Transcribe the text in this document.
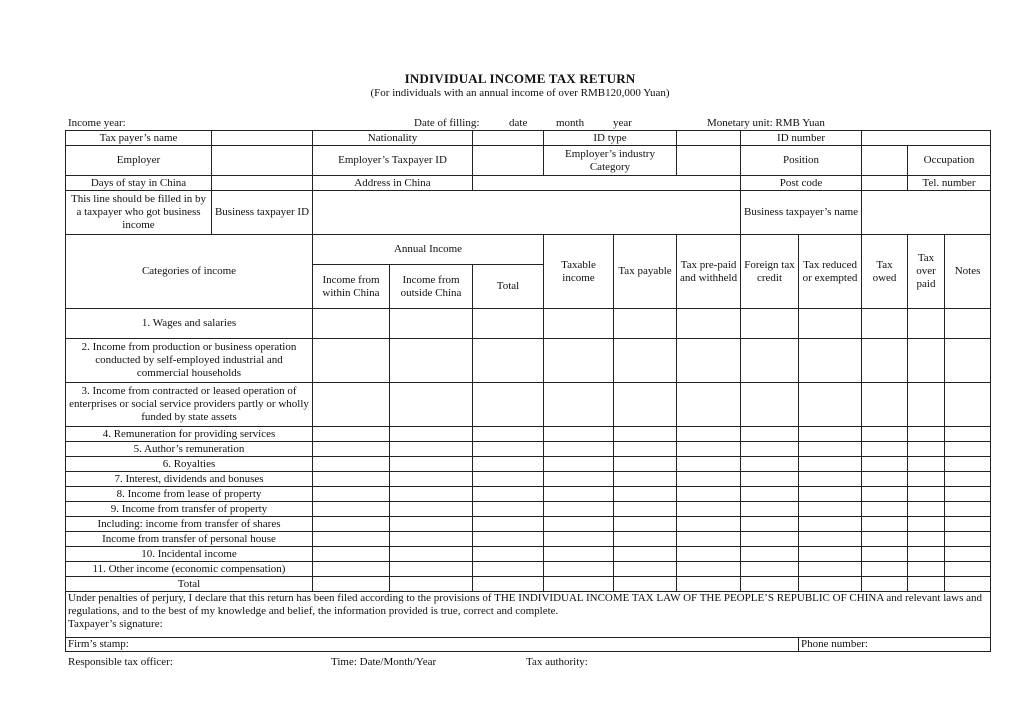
INDIVIDUAL INCOME TAX RETURN
(For individuals with an annual income of over RMB120,000 Yuan)
Income year:	Date of filling:	date	month	year	Monetary unit: RMB Yuan
Tax payer’s name		Nationality			ID type			ID number					
Employer		Employer’s Taxpayer ID			Employer’s industry Category			Position			Occupation		
Days of stay in China		Address in China						Post code			Tel. number		
This line should be filled in by a taxpayer who got business income	Business taxpayer ID							Business taxpayer’s name					
Categories of income		Annual Income			Taxable income	Tax payable	Tax pre-paid and withheld	Foreign tax credit	Tax reduced or exempted	Tax owed	Tax over paid	Notes	
		Income from within China	Income from outside China	Total									
1. Wages and salaries													
2. Income from production or business operation conducted by self-employed industrial and commercial households													
3. Income from contracted or leased operation of enterprises or social service providers partly or wholly funded by state assets													
4. Remuneration for providing services													
5. Author’s remuneration													
6. Royalties													
7. Interest, dividends and bonuses													
8. Income from lease of property													
9. Income from transfer of property													
Including: income from transfer of shares													
Income from transfer of personal house													
10. Incidental income													
11. Other income (economic compensation)													
Total													

Under penalties of perjury, I declare that this return has been filed according to the provisions of THE INDIVIDUAL INCOME TAX LAW OF THE PEOPLE’S REPUBLIC OF CHINA and relevant laws and regulations, and to the best of my knowledge and belief, the information provided is true, correct and complete.
Taxpayer’s signature:													

Firm’s stamp:									Phone number:				
Responsible tax officer:	Time: Date/Month/Year	Tax authority:
